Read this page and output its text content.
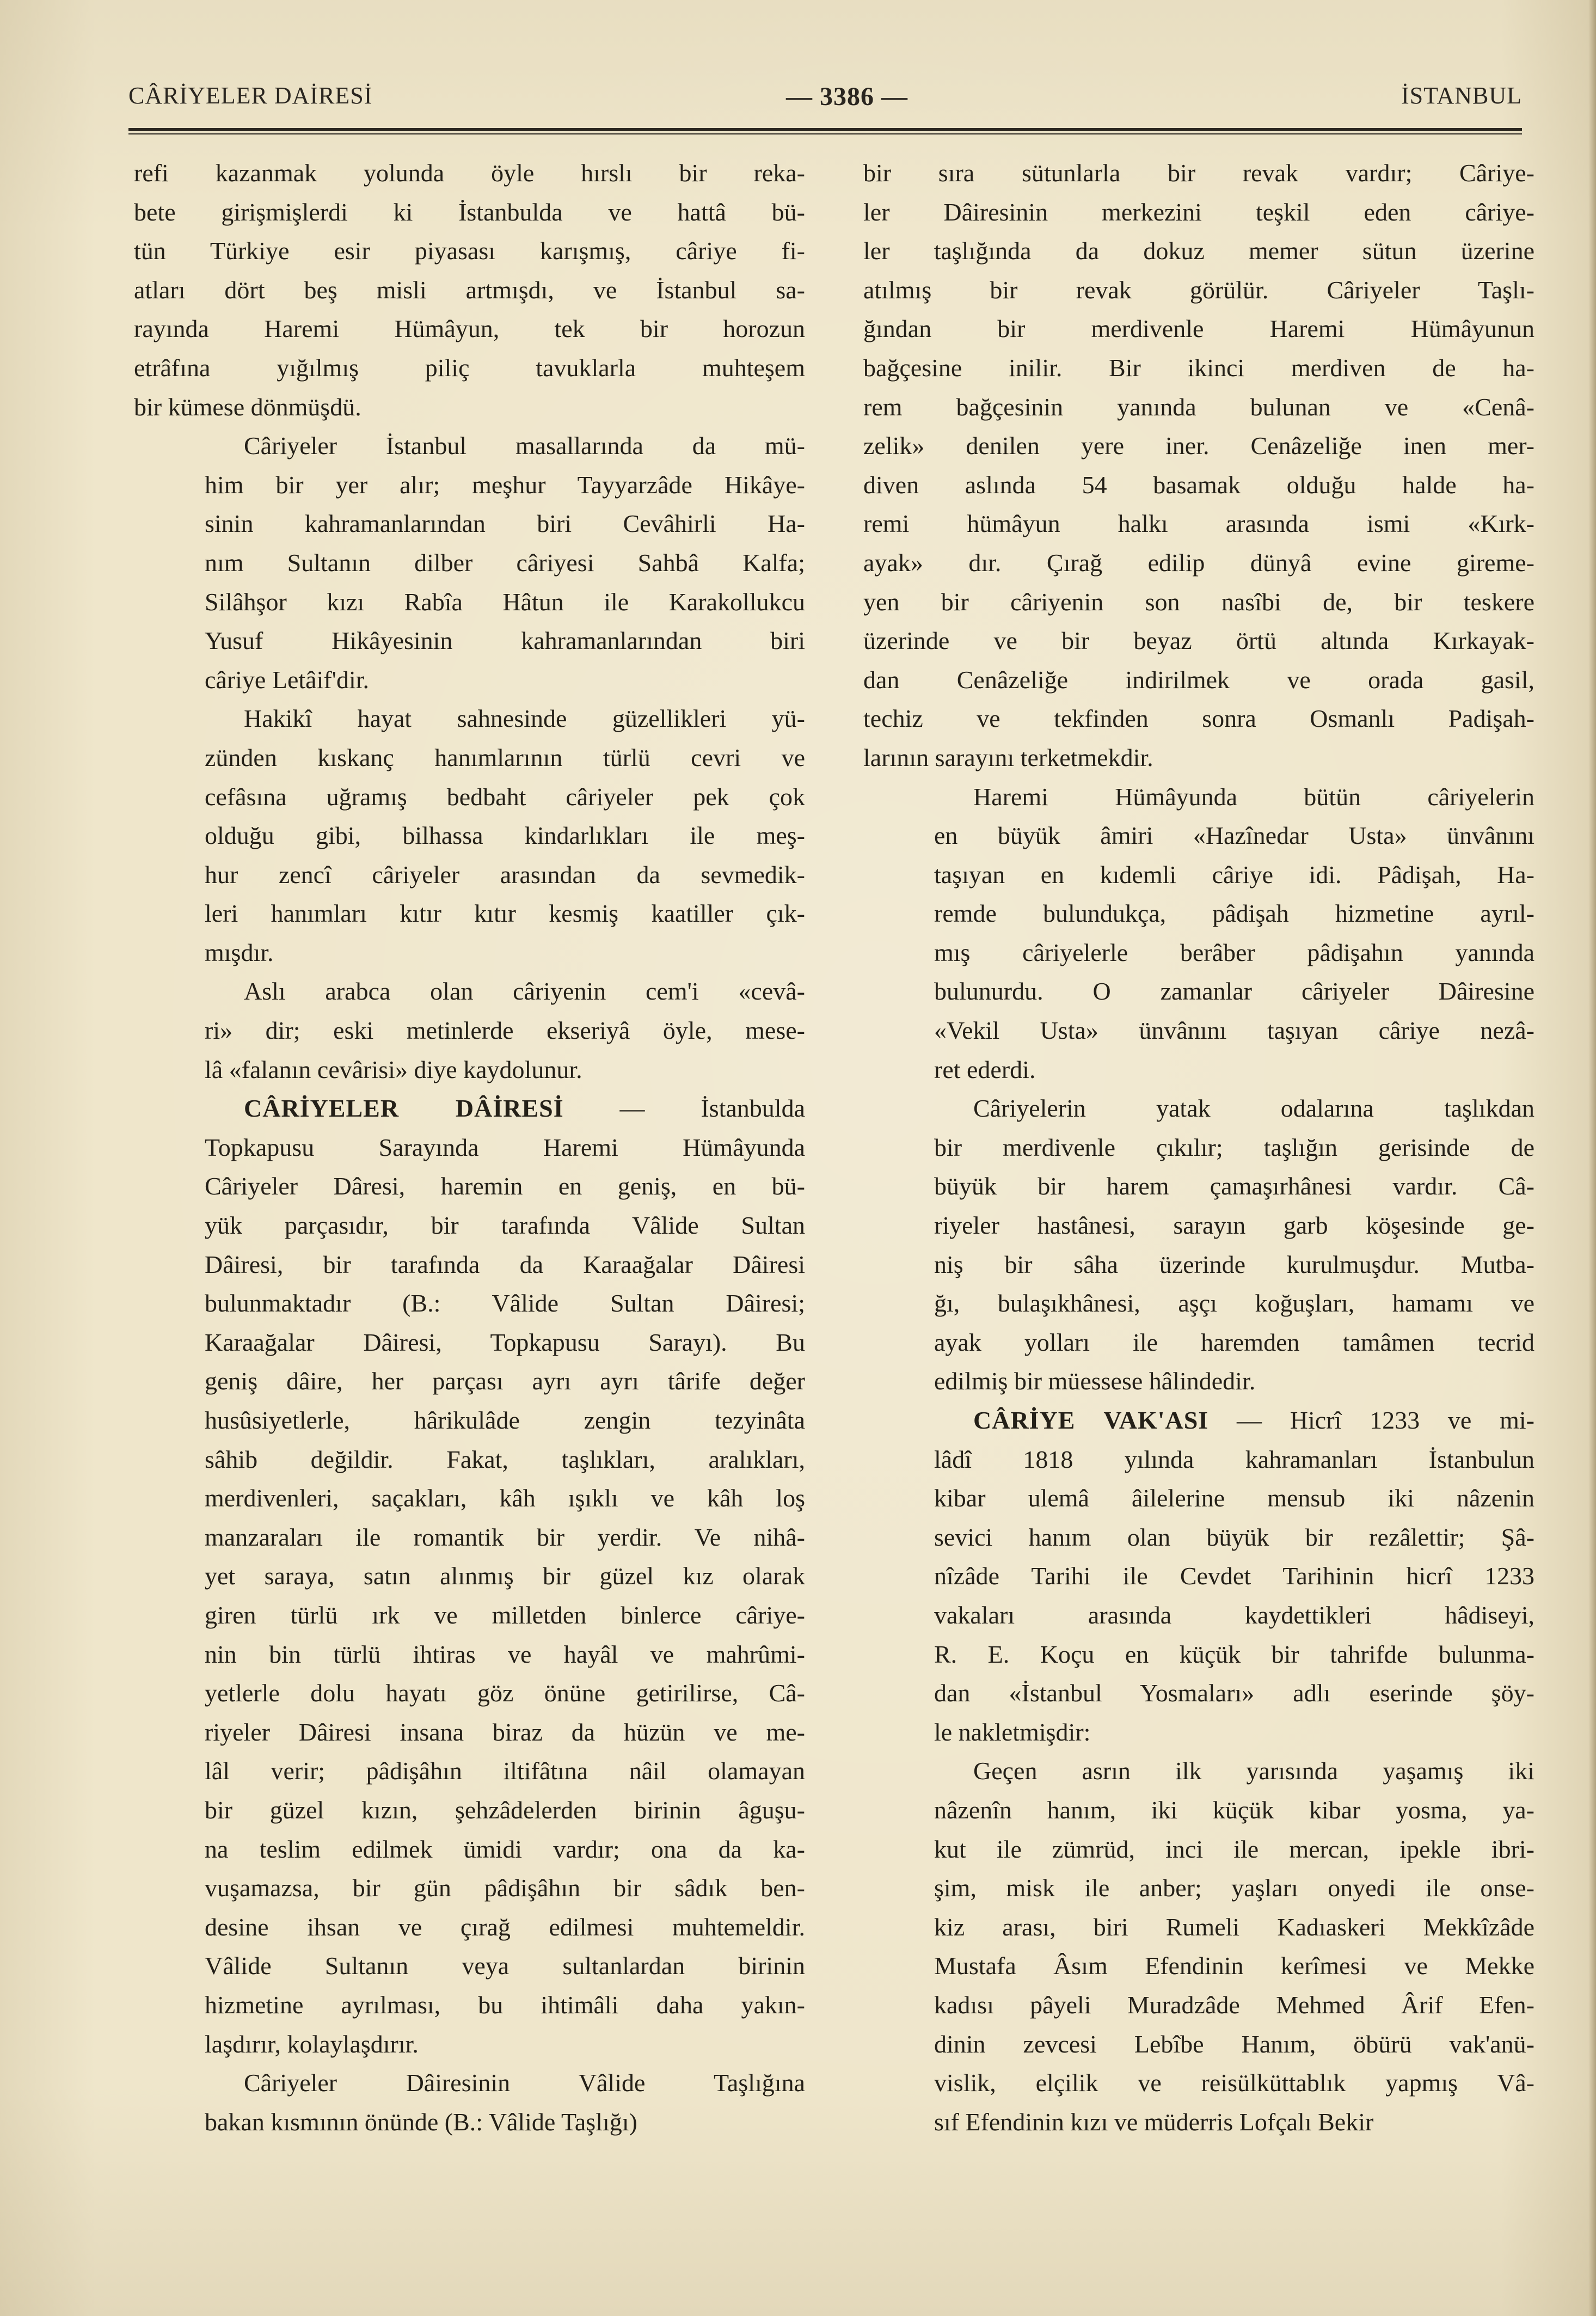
CÂRİYELER DAİRESİ	— 3386 —	İSTANBUL
refi kazanmak yolunda öyle hırslı bir reka-
bete girişmişlerdi ki İstanbulda ve hattâ bü-
tün Türkiye esir piyasası karışmış, câriye fi-
atları dört beş misli artmışdı, ve İstanbul sa-
rayında Haremi Hümâyun, tek bir horozun
etrâfına yığılmış piliç tavuklarla muhteşem
bir kümese dönmüşdü.
Câriyeler İstanbul masallarında da mü-
him bir yer alır; meşhur Tayyarzâde Hikâye-
sinin kahramanlarından biri Cevâhirli Ha-
nım Sultanın dilber câriyesi Sahbâ Kalfa;
Silâhşor kızı Rabîa Hâtun ile Karakollukcu
Yusuf Hikâyesinin kahramanlarından biri
câriye Letâif'dir.
Hakikî hayat sahnesinde güzellikleri yü-
zünden kıskanç hanımlarının türlü cevri ve
cefâsına uğramış bedbaht câriyeler pek çok
olduğu gibi, bilhassa kindarlıkları ile meş-
hur zencî câriyeler arasından da sevmedik-
leri hanımları kıtır kıtır kesmiş kaatiller çık-
mışdır.
Aslı arabca olan câriyenin cem'i «cevâ-
ri» dir; eski metinlerde ekseriyâ öyle, mese-
lâ «falanın cevârisi» diye kaydolunur.
CÂRİYELER DÂİRESİ — İstanbulda
Topkapusu Sarayında Haremi Hümâyunda
Câriyeler Dâresi, haremin en geniş, en bü-
yük parçasıdır, bir tarafında Vâlide Sultan
Dâiresi, bir tarafında da Karaağalar Dâiresi
bulunmaktadır (B.: Vâlide Sultan Dâiresi;
Karaağalar Dâiresi, Topkapusu Sarayı). Bu
geniş dâire, her parçası ayrı ayrı târife değer
husûsiyetlerle, hârikulâde zengin tezyinâta
sâhib değildir. Fakat, taşlıkları, aralıkları,
merdivenleri, saçakları, kâh ışıklı ve kâh loş
manzaraları ile romantik bir yerdir. Ve nihâ-
yet saraya, satın alınmış bir güzel kız olarak
giren türlü ırk ve milletden binlerce câriye-
nin bin türlü ihtiras ve hayâl ve mahrûmi-
yetlerle dolu hayatı göz önüne getirilirse, Câ-
riyeler Dâiresi insana biraz da hüzün ve me-
lâl verir; pâdişâhın iltifâtına nâil olamayan
bir güzel kızın, şehzâdelerden birinin âguşu-
na teslim edilmek ümidi vardır; ona da ka-
vuşamazsa, bir gün pâdişâhın bir sâdık ben-
desine ihsan ve çırağ edilmesi muhtemeldir.
Vâlide Sultanın veya sultanlardan birinin
hizmetine ayrılması, bu ihtimâli daha yakın-
laşdırır, kolaylaşdırır.
Câriyeler Dâiresinin Vâlide Taşlığına
bakan kısmının önünde (B.: Vâlide Taşlığı)
bir sıra sütunlarla bir revak vardır; Câriye-
ler Dâiresinin merkezini teşkil eden câriye-
ler taşlığında da dokuz memer sütun üzerine
atılmış bir revak görülür. Câriyeler Taşlı-
ğından bir merdivenle Haremi Hümâyunun
bağçesine inilir. Bir ikinci merdiven de ha-
rem bağçesinin yanında bulunan ve «Cenâ-
zelik» denilen yere iner. Cenâzeliğe inen mer-
diven aslında 54 basamak olduğu halde ha-
remi hümâyun halkı arasında ismi «Kırk-
ayak» dır. Çırağ edilip dünyâ evine gireme-
yen bir câriyenin son nasîbi de, bir teskere
üzerinde ve bir beyaz örtü altında Kırkayak-
dan Cenâzeliğe indirilmek ve orada gasil,
techiz ve tekfinden sonra Osmanlı Padişah-
larının sarayını terketmekdir.
Haremi Hümâyunda bütün câriyelerin
en büyük âmiri «Hazînedar Usta» ünvânını
taşıyan en kıdemli câriye idi. Pâdişah, Ha-
remde bulundukça, pâdişah hizmetine ayrıl-
mış câriyelerle berâber pâdişahın yanında
bulunurdu. O zamanlar câriyeler Dâiresine
«Vekil Usta» ünvânını taşıyan câriye nezâ-
ret ederdi.
Câriyelerin yatak odalarına taşlıkdan
bir merdivenle çıkılır; taşlığın gerisinde de
büyük bir harem çamaşırhânesi vardır. Câ-
riyeler hastânesi, sarayın garb köşesinde ge-
niş bir sâha üzerinde kurulmuşdur. Mutba-
ğı, bulaşıkhânesi, aşçı koğuşları, hamamı ve
ayak yolları ile haremden tamâmen tecrid
edilmiş bir müessese hâlindedir.
CÂRİYE VAK'ASI — Hicrî 1233 ve mi-
lâdî 1818 yılında kahramanları İstanbulun
kibar ulemâ âilelerine mensub iki nâzenin
sevici hanım olan büyük bir rezâlettir; Şâ-
nîzâde Tarihi ile Cevdet Tarihinin hicrî 1233
vakaları arasında kaydettikleri hâdiseyi,
R. E. Koçu en küçük bir tahrifde bulunma-
dan «İstanbul Yosmaları» adlı eserinde şöy-
le nakletmişdir:
Geçen asrın ilk yarısında yaşamış iki
nâzenîn hanım, iki küçük kibar yosma, ya-
kut ile zümrüd, inci ile mercan, ipekle ibri-
şim, misk ile anber; yaşları onyedi ile onse-
kiz arası, biri Rumeli Kadıaskeri Mekkîzâde
Mustafa Âsım Efendinin kerîmesi ve Mekke
kadısı pâyeli Muradzâde Mehmed Ârif Efen-
dinin zevcesi Lebîbe Hanım, öbürü vak'anü-
vislik, elçilik ve reisülküttablık yapmış Vâ-
sıf Efendinin kızı ve müderris Lofçalı Bekir
